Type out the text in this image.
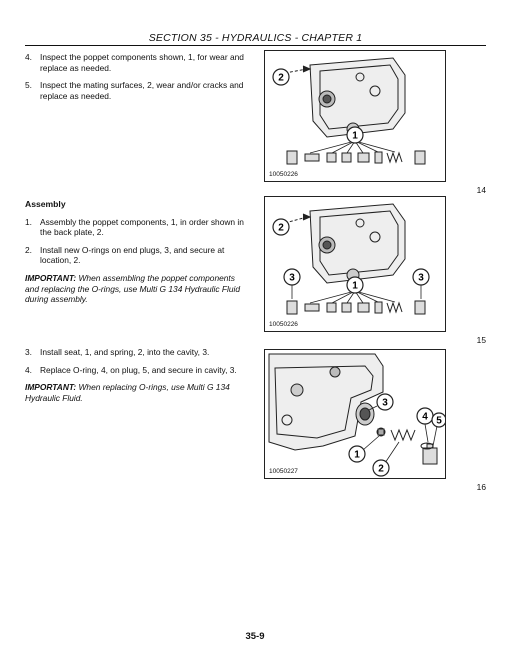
SECTION 35 - HYDRAULICS - CHAPTER 1
4. Inspect the poppet components shown, 1, for wear and replace as needed.
5. Inspect the mating surfaces, 2, wear and/or cracks and replace as needed.
Assembly
1. Assembly the poppet components, 1, in order shown in the back plate, 2.
2. Install new O-rings on end plugs, 3, and secure at location, 2.
IMPORTANT: When assembling the poppet components and replacing the O-rings, use Multi G 134 Hydraulic Fluid during assembly.
3. Install seat, 1, and spring, 2, into the cavity, 3.
4. Replace O-ring, 4, on plug, 5, and secure in cavity, 3.
IMPORTANT: When replacing O-rings, use Multi G 134 Hydraulic Fluid.
2
1
10050226
14
2
3
1
3
10050226
15
3
4 5
1
2
10050227
16
35-9
